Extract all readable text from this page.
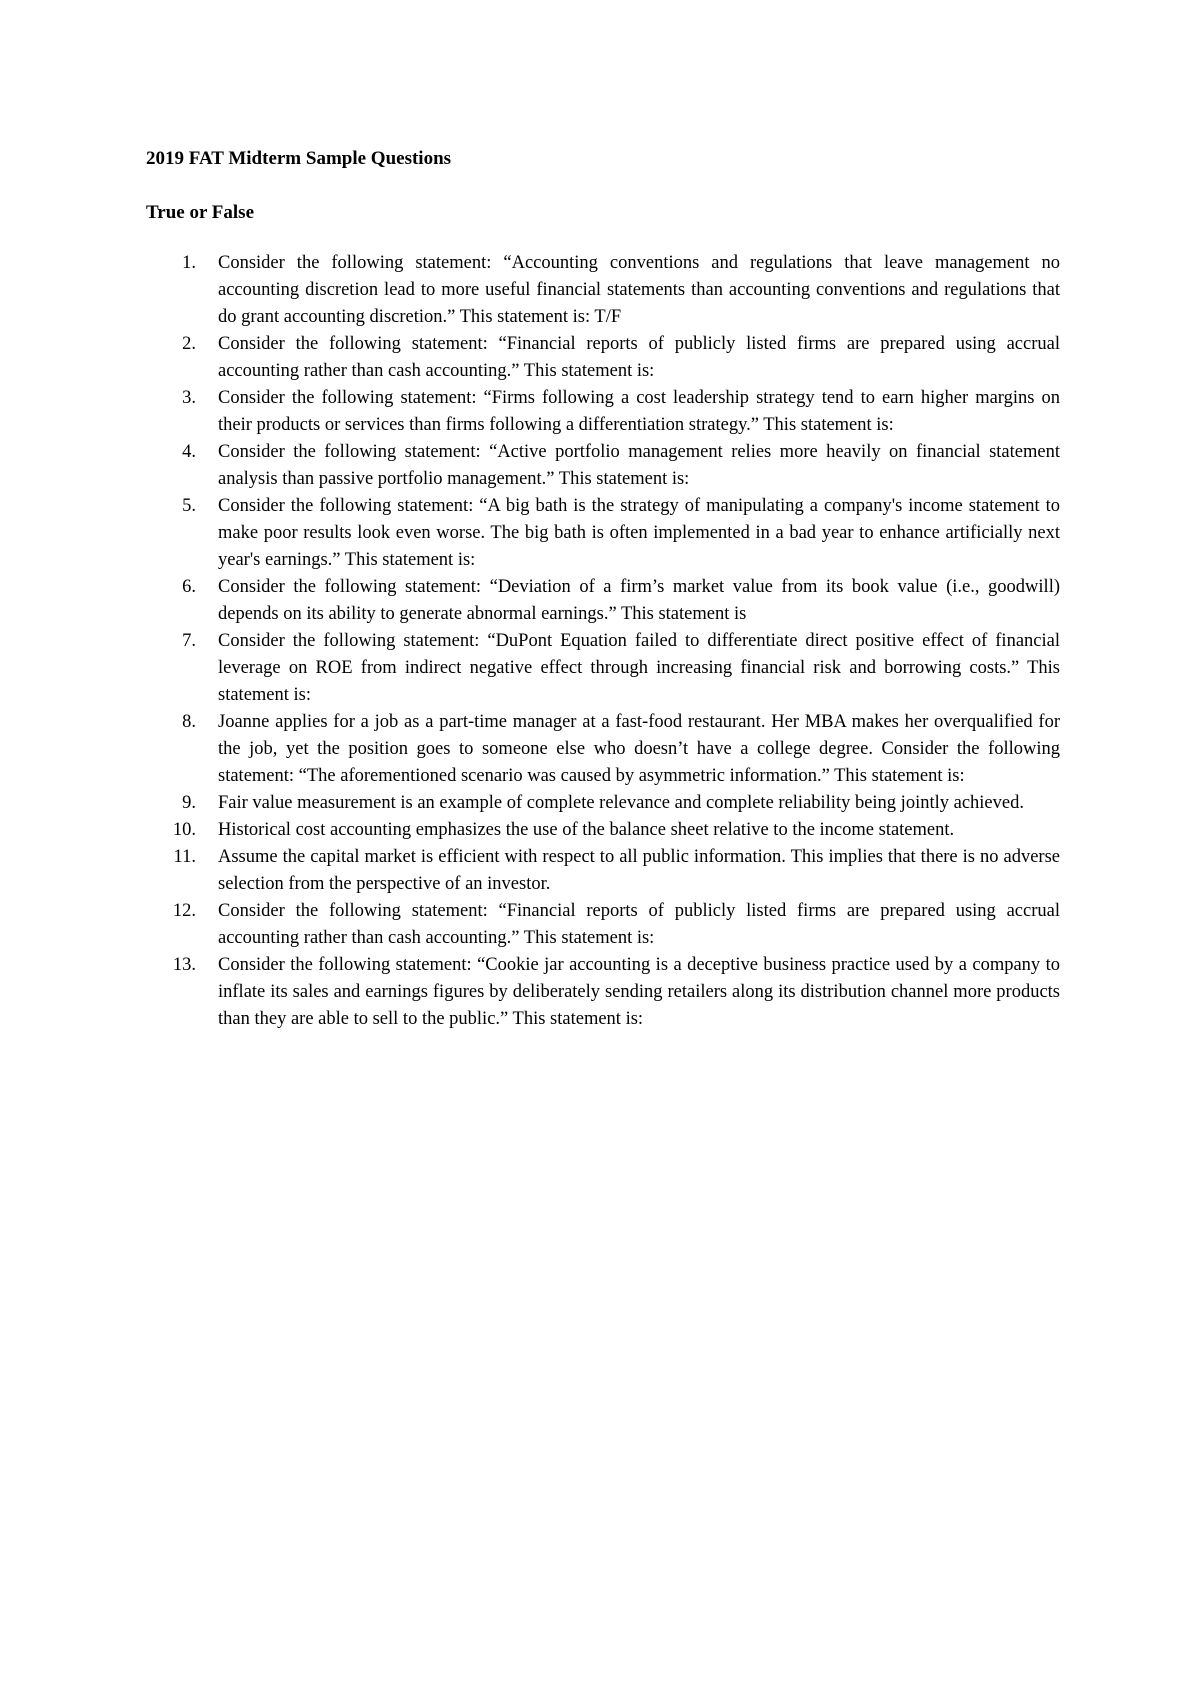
2019 FAT Midterm Sample Questions
True or False
1. Consider the following statement: “Accounting conventions and regulations that leave management no accounting discretion lead to more useful financial statements than accounting conventions and regulations that do grant accounting discretion.” This statement is: T/F
2. Consider the following statement: “Financial reports of publicly listed firms are prepared using accrual accounting rather than cash accounting.” This statement is:
3. Consider the following statement: “Firms following a cost leadership strategy tend to earn higher margins on their products or services than firms following a differentiation strategy.” This statement is:
4. Consider the following statement: “Active portfolio management relies more heavily on financial statement analysis than passive portfolio management.” This statement is:
5. Consider the following statement: “A big bath is the strategy of manipulating a company's income statement to make poor results look even worse. The big bath is often implemented in a bad year to enhance artificially next year's earnings.” This statement is:
6. Consider the following statement: “Deviation of a firm’s market value from its book value (i.e., goodwill) depends on its ability to generate abnormal earnings.” This statement is
7. Consider the following statement: “DuPont Equation failed to differentiate direct positive effect of financial leverage on ROE from indirect negative effect through increasing financial risk and borrowing costs.” This statement is:
8. Joanne applies for a job as a part-time manager at a fast-food restaurant. Her MBA makes her overqualified for the job, yet the position goes to someone else who doesn’t have a college degree. Consider the following statement: “The aforementioned scenario was caused by asymmetric information.” This statement is:
9. Fair value measurement is an example of complete relevance and complete reliability being jointly achieved.
10. Historical cost accounting emphasizes the use of the balance sheet relative to the income statement.
11. Assume the capital market is efficient with respect to all public information. This implies that there is no adverse selection from the perspective of an investor.
12. Consider the following statement: “Financial reports of publicly listed firms are prepared using accrual accounting rather than cash accounting.” This statement is:
13. Consider the following statement: “Cookie jar accounting is a deceptive business practice used by a company to inflate its sales and earnings figures by deliberately sending retailers along its distribution channel more products than they are able to sell to the public.” This statement is:
